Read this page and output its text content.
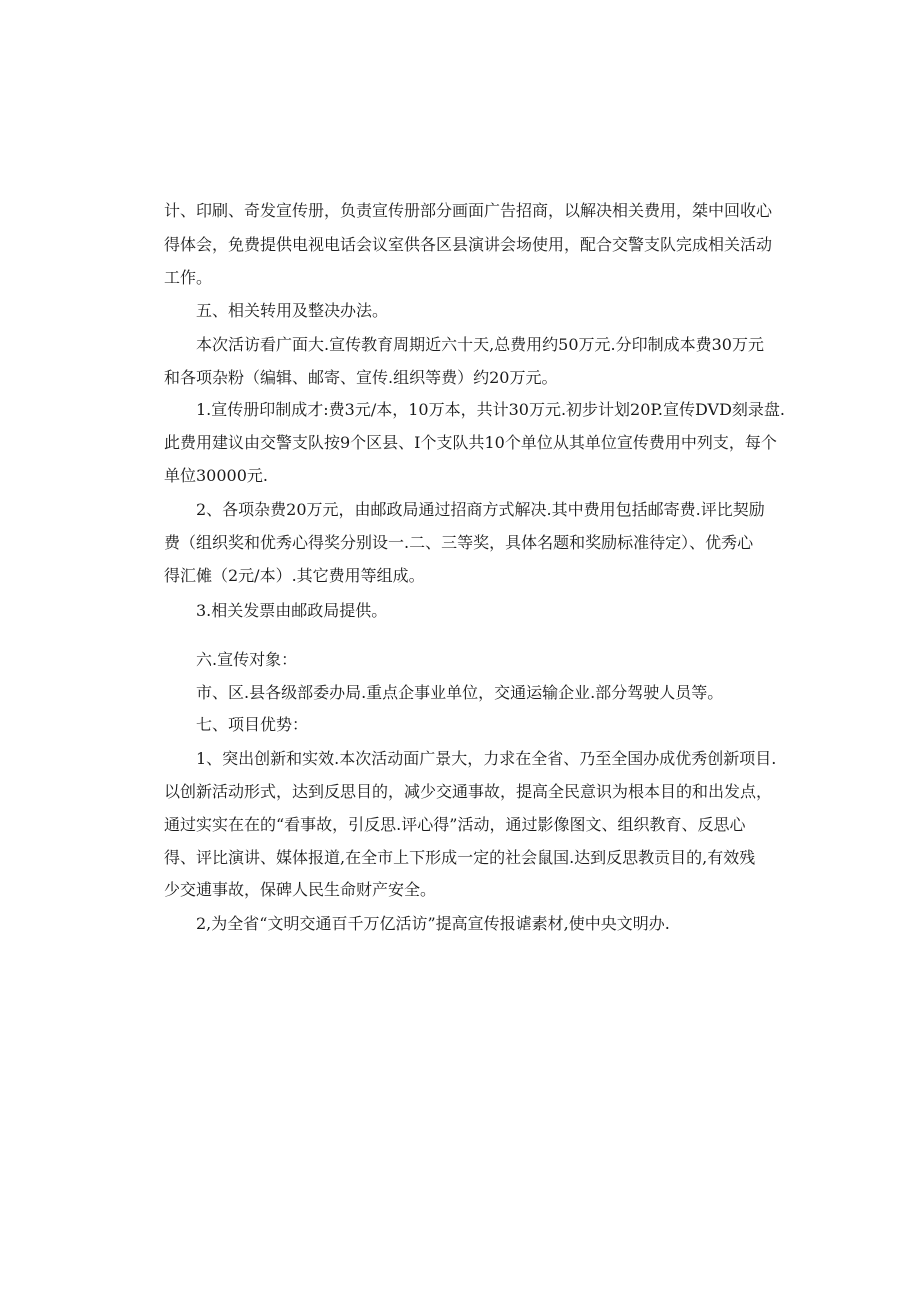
计、印刷、奇发宣传册，负责宣传册部分画面广告招商，以解决相关费用，桀中回收心
得体会，免费提供电视电话会议室供各区县演讲会场使用，配合交警支队完成相关活动
工作。
五、相关转用及整决办法。
本次活访看广面大.宣传教育周期近六十天,总费用约50万元.分印制成本费30万元
和各项杂粉（编辑、邮寄、宣传.组织等费）约20万元。
1.宣传册印制成才:费3元/本，10万本，共计30万元.初步计划20P.宣传DVD刻录盘.
此费用建议由交警支队按9个区县、I个支队共10个单位从其单位宣传费用中列支，每个
单位30000元.
2、各项杂费20万元，由邮政局通过招商方式解决.其中费用包括邮寄费.评比契励
费（组织奖和优秀心得奖分别设一.二、三等奖，具体名题和奖励标准待定）、优秀心
得汇傩（2元/本）.其它费用等组成。
3.相关发票由邮政局提供。
六.宣传对象：
市、区.县各级部委办局.重点企事业单位，交通运输企业.部分驾驶人员等。
七、项目优势：
1、突出创新和实效.本次活动面广景大，力求在全省、乃至全国办成优秀创新项目.
以创新活动形式，达到反思目的，减少交通事故，提高全民意识为根本目的和出发点，
通过实实在在的“看事故，引反思.评心得”活动，通过影像图文、组织教育、反思心
得、评比演讲、媒体报道,在全市上下形成一定的社会鼠国.达到反思教贡目的,有效残
少交逋事故，保碑人民生命财产安全。
2,为全省“文明交通百千万亿活访”提高宣传报谑素材,使中央文明办.
